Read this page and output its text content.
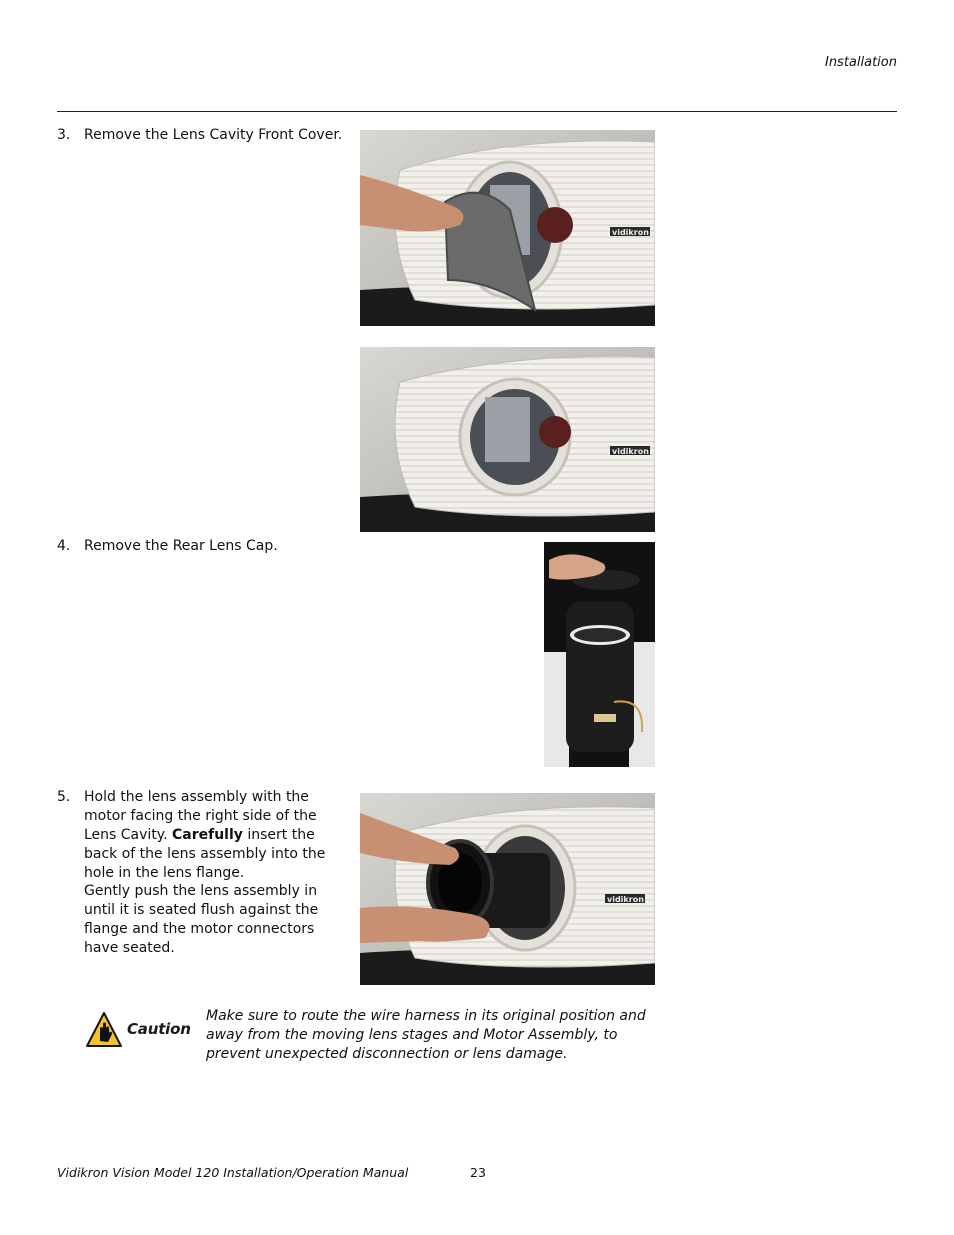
Installation
3. Remove the Lens Cavity Front Cover.
vidikron
vidikron
4. Remove the Rear Lens Cap.
5. Hold the lens assembly with the motor facing the right side of the Lens Cavity. Carefully insert the back of the lens assembly into the hole in the lens flange.
Gently push the lens assembly in until it is seated flush against the flange and the motor connectors have seated.
vidikron
Caution
Make sure to route the wire harness in its original position and away from the moving lens stages and Motor Assembly, to prevent unexpected disconnection or lens damage.
Vidikron Vision Model 120 Installation/Operation Manual	23
